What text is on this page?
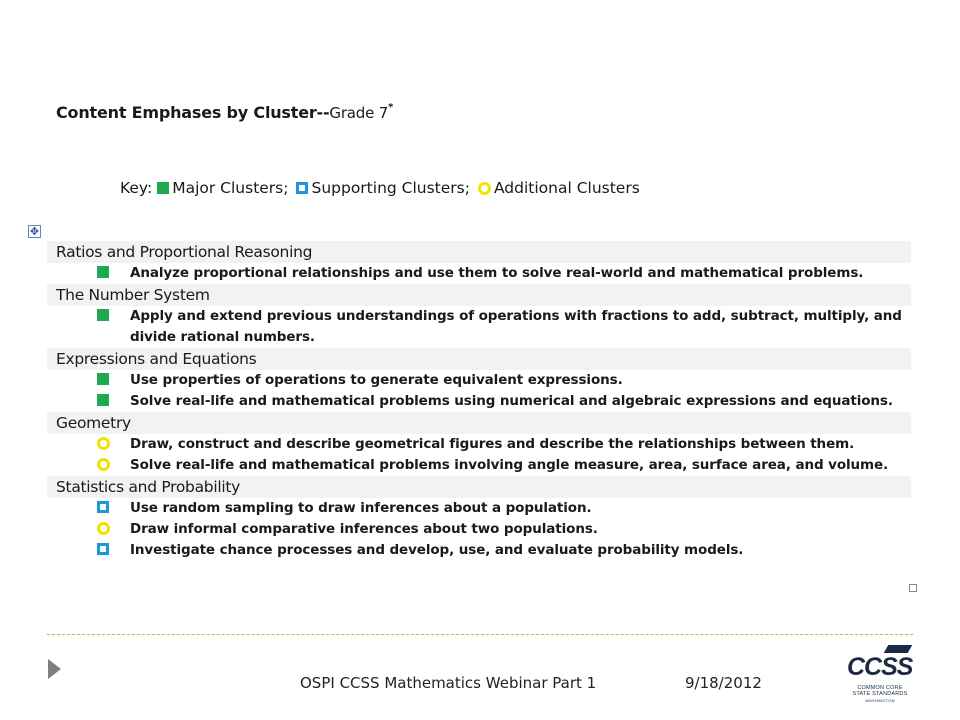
Content Emphases by Cluster--Grade 7*
Key: Major Clusters; Supporting Clusters; Additional Clusters
✥
Ratios and Proportional Reasoning
Analyze proportional relationships and use them to solve real-world and mathematical problems.
The Number System
Apply and extend previous understandings of operations with fractions to add, subtract, multiply, and divide rational numbers.
Expressions and Equations
Use properties of operations to generate equivalent expressions.
Solve real-life and mathematical problems using numerical and algebraic expressions and equations.
Geometry
Draw, construct and describe geometrical figures and describe the relationships between them.
Solve real-life and mathematical problems involving angle measure, area, surface area, and volume.
Statistics and Probability
Use random sampling to draw inferences about a population.
Draw informal comparative inferences about two populations.
Investigate chance processes and develop, use, and evaluate probability models.
OSPI CCSS Mathematics Webinar Part 1	9/18/2012
CCSS
COMMON CORE
STATE STANDARDS
WASHINGTON
